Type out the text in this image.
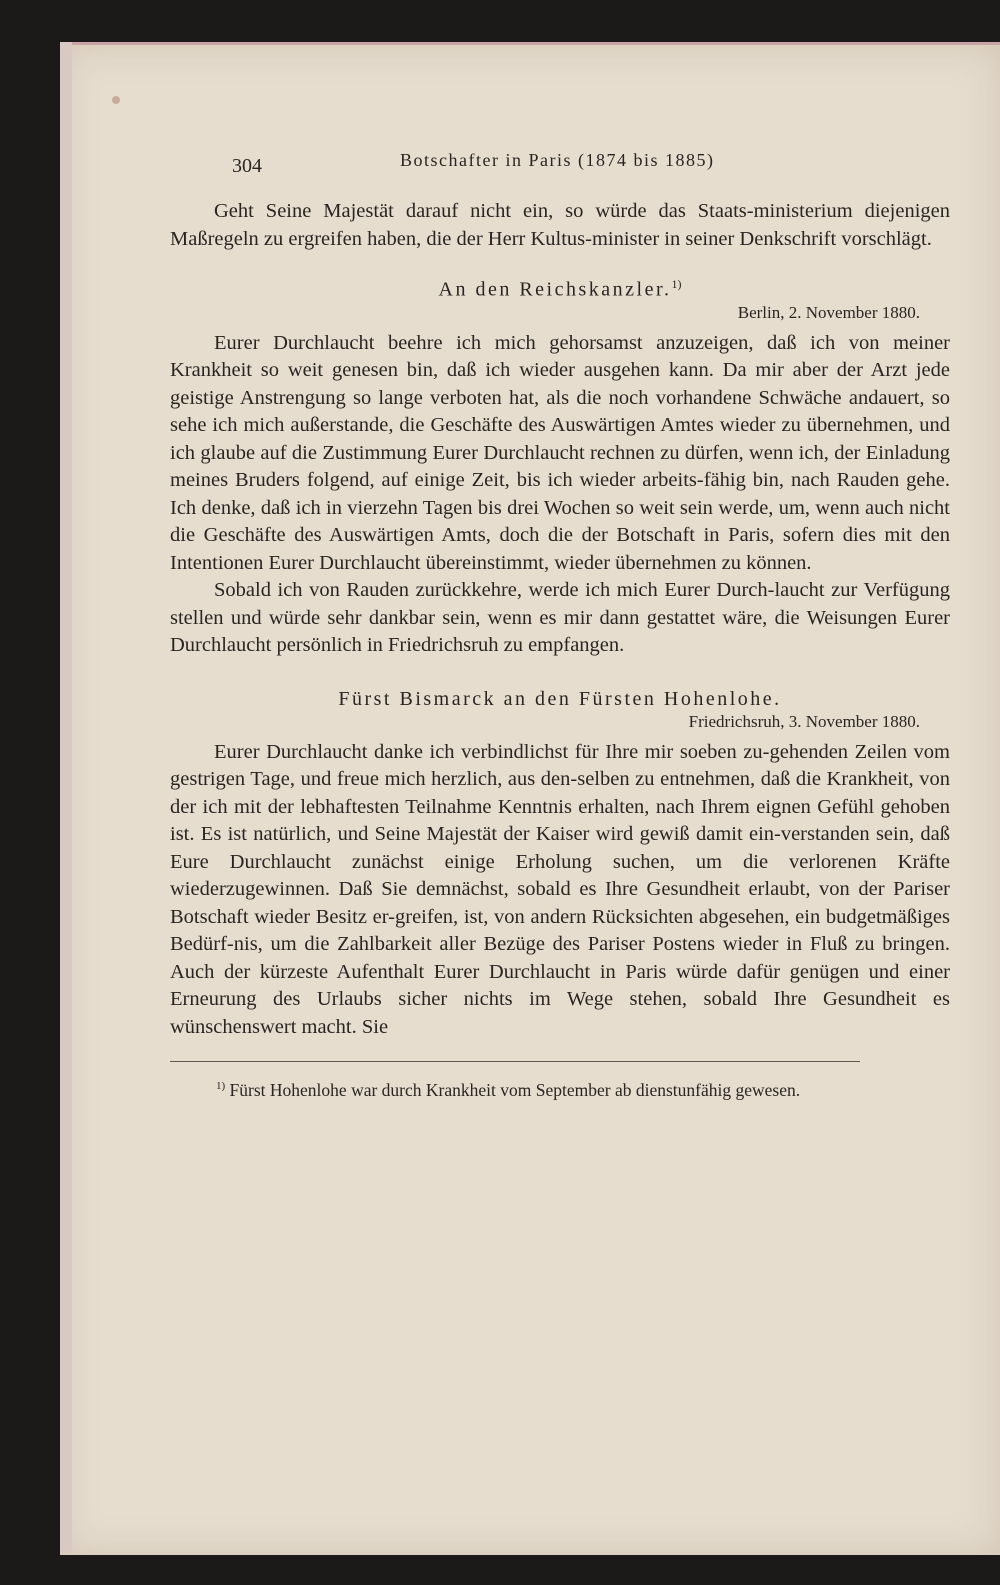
304	Botschafter in Paris (1874 bis 1885)

Geht Seine Majestät darauf nicht ein, so würde das Staats-ministerium diejenigen Maßregeln zu ergreifen haben, die der Herr Kultus-minister in seiner Denkschrift vorschlägt.

An den Reichskanzler.$^{1)}$
Berlin, 2. November 1880.

Eurer Durchlaucht beehre ich mich gehorsamst anzuzeigen, daß ich von meiner Krankheit so weit genesen bin, daß ich wieder ausgehen kann. Da mir aber der Arzt jede geistige Anstrengung so lange verboten hat, als die noch vorhandene Schwäche andauert, so sehe ich mich außerstande, die Geschäfte des Auswärtigen Amtes wieder zu übernehmen, und ich glaube auf die Zustimmung Eurer Durchlaucht rechnen zu dürfen, wenn ich, der Einladung meines Bruders folgend, auf einige Zeit, bis ich wieder arbeits-fähig bin, nach Rauden gehe. Ich denke, daß ich in vierzehn Tagen bis drei Wochen so weit sein werde, um, wenn auch nicht die Geschäfte des Auswärtigen Amts, doch die der Botschaft in Paris, sofern dies mit den Intentionen Eurer Durchlaucht übereinstimmt, wieder übernehmen zu können.

Sobald ich von Rauden zurückkehre, werde ich mich Eurer Durch-laucht zur Verfügung stellen und würde sehr dankbar sein, wenn es mir dann gestattet wäre, die Weisungen Eurer Durchlaucht persönlich in Friedrichsruh zu empfangen.

Fürst Bismarck an den Fürsten Hohenlohe.
Friedrichsruh, 3. November 1880.

Eurer Durchlaucht danke ich verbindlichst für Ihre mir soeben zu-gehenden Zeilen vom gestrigen Tage, und freue mich herzlich, aus den-selben zu entnehmen, daß die Krankheit, von der ich mit der lebhaftesten Teilnahme Kenntnis erhalten, nach Ihrem eignen Gefühl gehoben ist. Es ist natürlich, und Seine Majestät der Kaiser wird gewiß damit ein-verstanden sein, daß Eure Durchlaucht zunächst einige Erholung suchen, um die verlorenen Kräfte wiederzugewinnen. Daß Sie demnächst, sobald es Ihre Gesundheit erlaubt, von der Pariser Botschaft wieder Besitz er-greifen, ist, von andern Rücksichten abgesehen, ein budgetmäßiges Bedürf-nis, um die Zahlbarkeit aller Bezüge des Pariser Postens wieder in Fluß zu bringen. Auch der kürzeste Aufenthalt Eurer Durchlaucht in Paris würde dafür genügen und einer Erneurung des Urlaubs sicher nichts im Wege stehen, sobald Ihre Gesundheit es wünschenswert macht. Sie

$^{1)}$ Fürst Hohenlohe war durch Krankheit vom September ab dienstunfähig gewesen.
